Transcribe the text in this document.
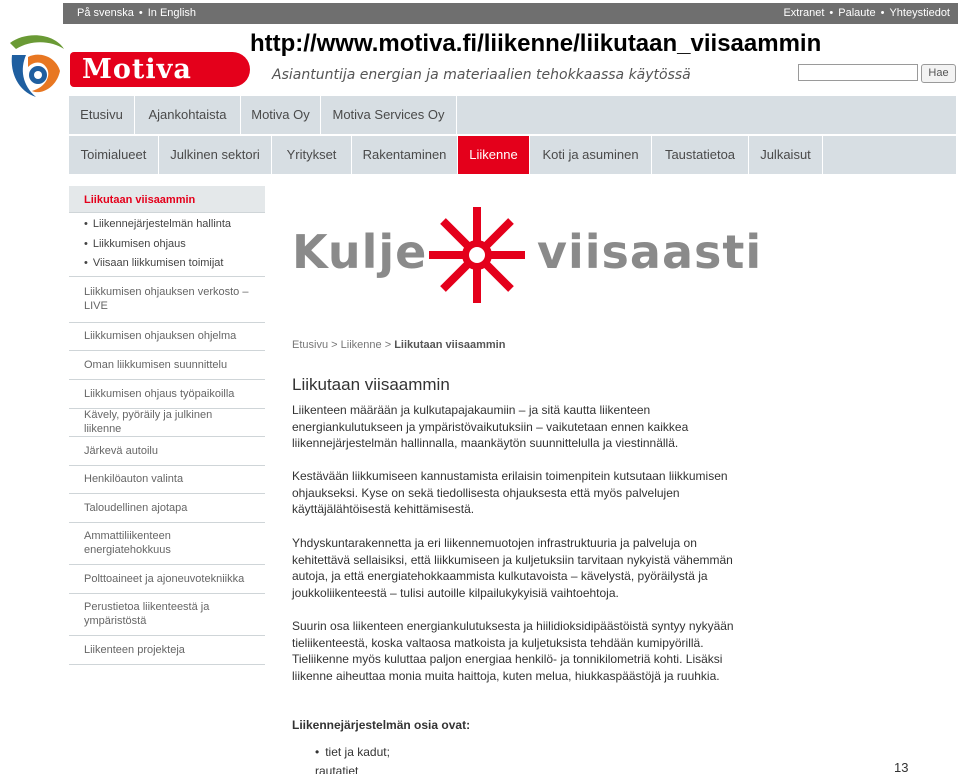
På svenska • In English	Extranet • Palaute • Yhteystiedot
http://www.motiva.fi/liikenne/liikutaan_viisaammin
Motiva	Asiantuntija energian ja materiaalien tehokkaassa käytössä	Hae
Etusivu	Ajankohtaista	Motiva Oy	Motiva Services Oy
Toimialueet	Julkinen sektori	Yritykset	Rakentaminen	Liikenne	Koti ja asuminen	Taustatietoa	Julkaisut
Liikutaan viisaammin
• Liikennejärjestelmän hallinta
• Liikkumisen ohjaus
• Viisaan liikkumisen toimijat
Liikkumisen ohjauksen verkosto – LIVE
Liikkumisen ohjauksen ohjelma
Oman liikkumisen suunnittelu
Liikkumisen ohjaus työpaikoilla
Kävely, pyöräily ja julkinen liikenne
Järkevä autoilu
Henkilöauton valinta
Taloudellinen ajotapa
Ammattiliikenteen energiatehokkuus
Polttoaineet ja ajoneuvotekniikka
Perustietoa liikenteestä ja ympäristöstä
Liikenteen projekteja
Kulje viisaasti
Etusivu > Liikenne > Liikutaan viisaammin
Liikutaan viisaammin
Liikenteen määrään ja kulkutapajakaumiin – ja sitä kautta liikenteen energiankulutukseen ja ympäristövaikutuksiin – vaikutetaan ennen kaikkea liikennejärjestelmän hallinnalla, maankäytön suunnittelulla ja viestinnällä.
Kestävään liikkumiseen kannustamista erilaisin toimenpitein kutsutaan liikkumisen ohjaukseksi. Kyse on sekä tiedollisesta ohjauksesta että myös palvelujen käyttäjälähtöisestä kehittämisestä.
Yhdyskuntarakennetta ja eri liikennemuotojen infrastruktuuria ja palveluja on kehitettävä sellaisiksi, että liikkumiseen ja kuljetuksiin tarvitaan nykyistä vähemmän autoja, ja että energiatehokkaammista kulkutavoista – kävelystä, pyöräilystä ja joukkoliikenteestä – tulisi autoille kilpailukykyisiä vaihtoehtoja.
Suurin osa liikenteen energiankulutuksesta ja hiilidioksidipäästöistä syntyy nykyään tieliikenteestä, koska valtaosa matkoista ja kuljetuksista tehdään kumipyörillä. Tieliikenne myös kuluttaa paljon energiaa henkilö- ja tonnikilometriä kohti. Lisäksi liikenne aiheuttaa monia muita haittoja, kuten melua, hiukkaspäästöjä ja ruuhkia.
Liikennejärjestelmän osia ovat:
• tiet ja kadut;
rautatiet	13
